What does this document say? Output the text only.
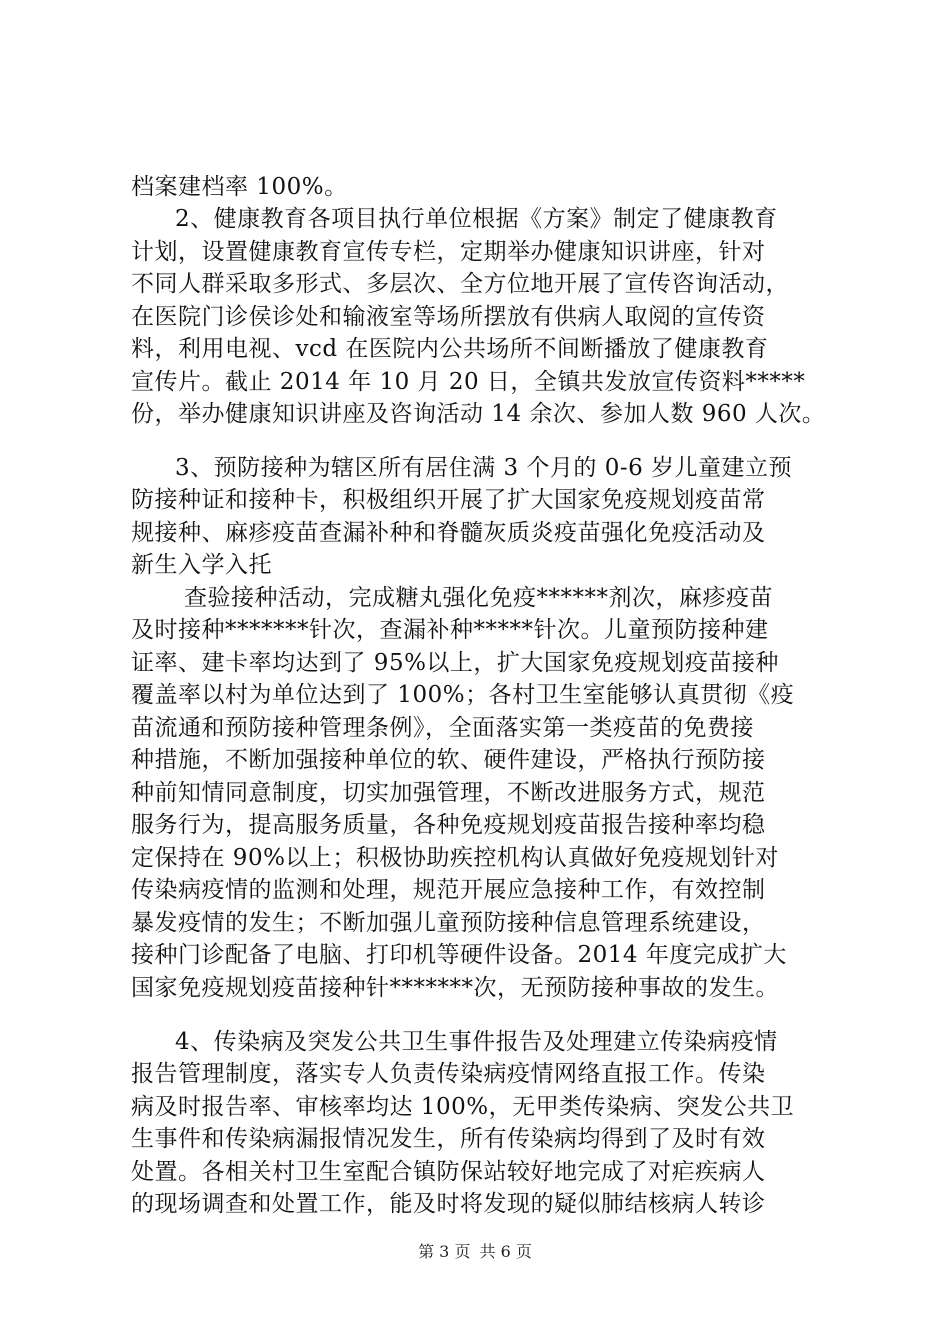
档案建档率 100%。
2、健康教育各项目执行单位根据《方案》制定了健康教育
计划，设置健康教育宣传专栏，定期举办健康知识讲座，针对
不同人群采取多形式、多层次、全方位地开展了宣传咨询活动，
在医院门诊侯诊处和输液室等场所摆放有供病人取阅的宣传资
料，利用电视、vcd 在医院内公共场所不间断播放了健康教育
宣传片。截止 2014 年 10 月 20 日，全镇共发放宣传资料*****
份，举办健康知识讲座及咨询活动 14 余次、参加人数 960 人次。
3、预防接种为辖区所有居住满 3 个月的 0-6 岁儿童建立预
防接种证和接种卡，积极组织开展了扩大国家免疫规划疫苗常
规接种、麻疹疫苗查漏补种和脊髓灰质炎疫苗强化免疫活动及
新生入学入托
查验接种活动，完成糖丸强化免疫******剂次，麻疹疫苗
及时接种*******针次，查漏补种*****针次。儿童预防接种建
证率、建卡率均达到了 95%以上，扩大国家免疫规划疫苗接种
覆盖率以村为单位达到了 100%；各村卫生室能够认真贯彻《疫
苗流通和预防接种管理条例》，全面落实第一类疫苗的免费接
种措施，不断加强接种单位的软、硬件建设，严格执行预防接
种前知情同意制度，切实加强管理，不断改进服务方式，规范
服务行为，提高服务质量，各种免疫规划疫苗报告接种率均稳
定保持在 90%以上；积极协助疾控机构认真做好免疫规划针对
传染病疫情的监测和处理，规范开展应急接种工作，有效控制
暴发疫情的发生；不断加强儿童预防接种信息管理系统建设，
接种门诊配备了电脑、打印机等硬件设备。2014 年度完成扩大
国家免疫规划疫苗接种针*******次，无预防接种事故的发生。
4、传染病及突发公共卫生事件报告及处理建立传染病疫情
报告管理制度，落实专人负责传染病疫情网络直报工作。传染
病及时报告率、审核率均达 100%，无甲类传染病、突发公共卫
生事件和传染病漏报情况发生，所有传染病均得到了及时有效
处置。各相关村卫生室配合镇防保站较好地完成了对疟疾病人
的现场调查和处置工作，能及时将发现的疑似肺结核病人转诊
第 3 页 共 6 页
